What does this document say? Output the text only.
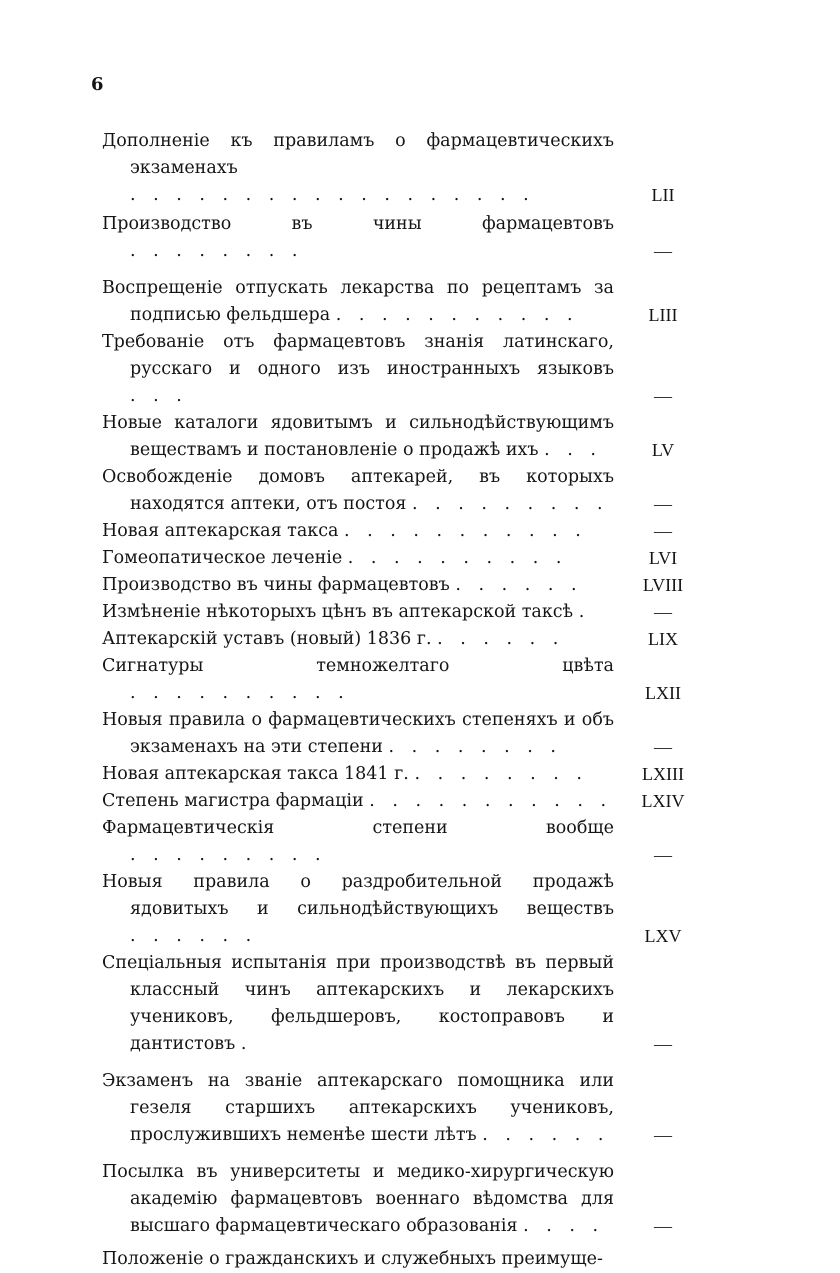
6
Дополненіе къ правиламъ о фармацевтическихъ экзаменахъ . . . . . . . . . . . . . . . . . .	LII
Производство въ чины фармацевтовъ . . . . . . . .	—
Воспрещеніе отпускать лекарства по рецептамъ за подписью фельдшера . . . . . . . . . . .	LIII
Требованіе отъ фармацевтовъ знанія латинскаго, русскаго и одного изъ иностранныхъ языковъ . . .	—
Новые каталоги ядовитымъ и сильнодѣйствующимъ веществамъ и постановленіе о продажѣ ихъ . . .	LV
Освобожденіе домовъ аптекарей, въ которыхъ находятся аптеки, отъ постоя . . . . . . . . .	—
Новая аптекарская такса . . . . . . . . . . .	—
Гомеопатическое леченіе . . . . . . . . . .	LVI
Производство въ чины фармацевтовъ . . . . . .	LVIII
Измѣненіе нѣкоторыхъ цѣнъ въ аптекарской таксѣ .	—
Аптекарскій уставъ (новый) 1836 г. . . . . . .	LIX
Сигнатуры темножелтаго цвѣта . . . . . . . . . .	LXII
Новыя правила о фармацевтическихъ степеняхъ и объ экзаменахъ на эти степени . . . . . . . .	—
Новая аптекарская такса 1841 г. . . . . . . . .	LXIII
Степень магистра фармаціи . . . . . . . . . . .	LXIV
Фармацевтическія степени вообще . . . . . . . . .	—
Новыя правила о раздробительной продажѣ ядовитыхъ и сильнодѣйствующихъ веществъ . . . . . .	LXV
Спеціальныя испытанія при производствѣ въ первый классный чинъ аптекарскихъ и лекарскихъ учениковъ, фельдшеровъ, костоправовъ и дантистовъ .	—
Экзаменъ на званіе аптекарскаго помощника или гезеля старшихъ аптекарскихъ учениковъ, прослужившихъ неменѣе шести лѣтъ . . . . . .	—
Посылка въ университеты и медико-хирургическую академію фармацевтовъ военнаго вѣдомства для высшаго фармацевтическаго образованія . . . .	—
Положеніе о гражданскихъ и служебныхъ преимуще-
